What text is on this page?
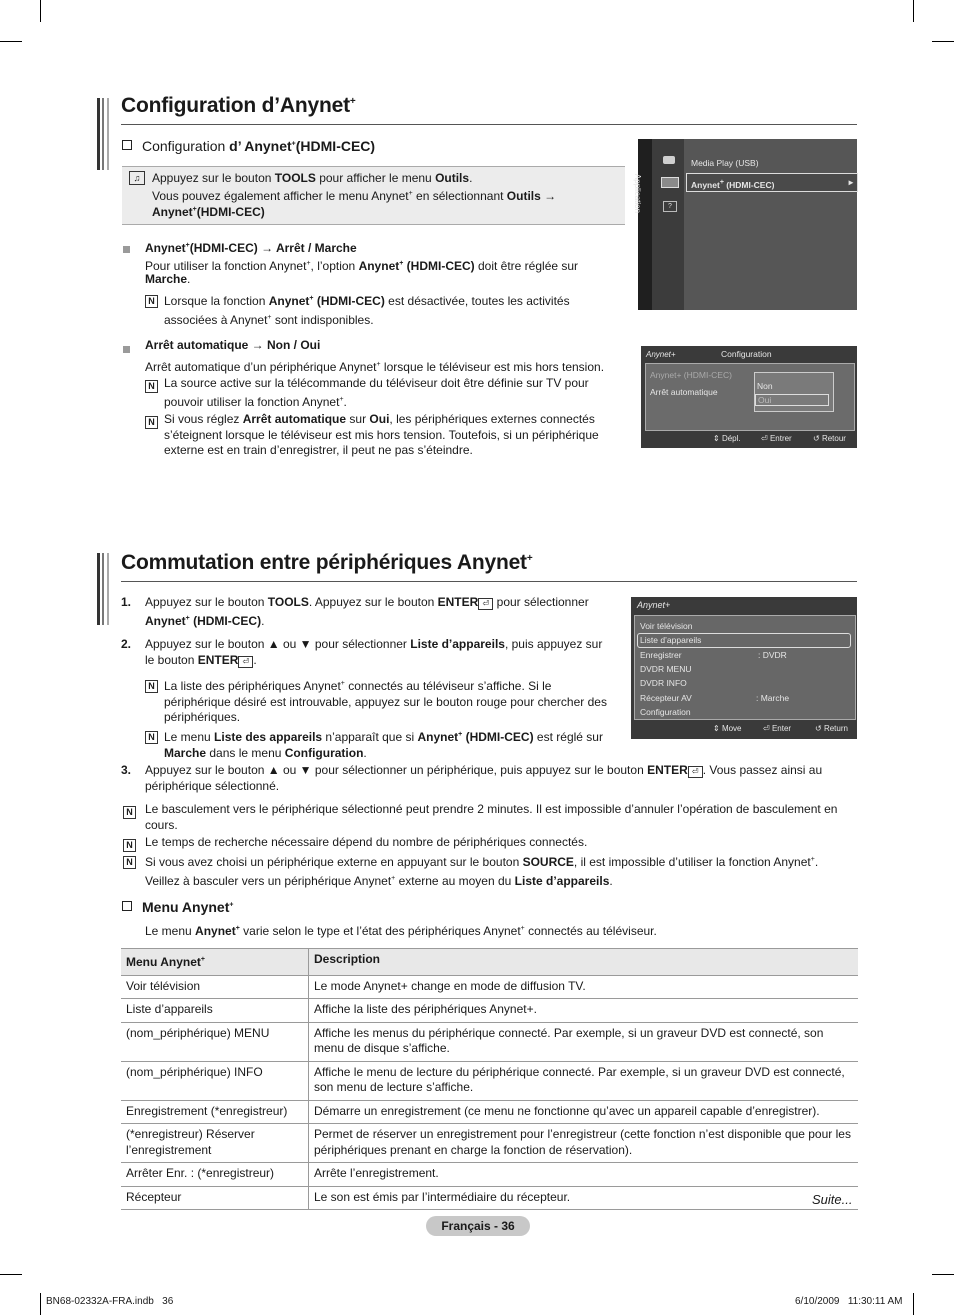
Configuration d’Anynet+
Configuration d’ Anynet+(HDMI-CEC)
♫ Appuyez sur le bouton TOOLS pour afficher le menu Outils.
Vous pouvez également afficher le menu Anynet+ en sélectionnant Outils →
Anynet+(HDMI-CEC)
Anynet+(HDMI-CEC) → Arrêt / Marche
Pour utiliser la fonction Anynet+, l’option Anynet+ (HDMI-CEC) doit être réglée sur
Marche.
N Lorsque la fonction Anynet+ (HDMI-CEC) est désactivée, toutes les activités
associées à Anynet+ sont indisponibles.
Arrêt automatique → Non / Oui
Arrêt automatique d’un périphérique Anynet+ lorsque le téléviseur est mis hors tension.
N La source active sur la télécommande du téléviseur doit être définie sur TV pour
pouvoir utiliser la fonction Anynet+.
N Si vous réglez Arrêt automatique sur Oui, les périphériques externes connectés
s’éteignent lorsque le téléviseur est mis hors tension. Toutefois, si un périphérique
externe est en train d’enregistrer, il peut ne pas s’éteindre.
Application	?
Media Play (USB)
Anynet+ (HDMI-CEC)	▸
Anynet+	Configuration
Anynet+ (HDMI-CEC)
Arrêt automatique
Non
Oui
⇕ Dépl.	⏎ Entrer	↺ Retour
Commutation entre périphériques Anynet+
1. Appuyez sur le bouton TOOLS. Appuyez sur le bouton ENTER ⏎ pour sélectionner
Anynet+ (HDMI-CEC).
2. Appuyez sur le bouton ▲ ou ▼ pour sélectionner Liste d’appareils, puis appuyez sur
le bouton ENTER ⏎ .
N La liste des périphériques Anynet+ connectés au téléviseur s’affiche. Si le
périphérique désiré est introuvable, appuyez sur le bouton rouge pour chercher des
périphériques.
N Le menu Liste des appareils n’apparaît que si Anynet+ (HDMI-CEC) est réglé sur
Marche dans le menu Configuration.
3. Appuyez sur le bouton ▲ ou ▼ pour sélectionner un périphérique, puis appuyez sur le bouton ENTER ⏎ . Vous passez ainsi au
périphérique sélectionné.
N Le basculement vers le périphérique sélectionné peut prendre 2 minutes. Il est impossible d’annuler l’opération de basculement en
cours.
N Le temps de recherche nécessaire dépend du nombre de périphériques connectés.
N Si vous avez choisi un périphérique externe en appuyant sur le bouton SOURCE, il est impossible d’utiliser la fonction Anynet+.
Veillez à basculer vers un périphérique Anynet+ externe au moyen du Liste d’appareils.
Menu Anynet+
Le menu Anynet+ varie selon le type et l’état des périphériques Anynet+ connectés au téléviseur.
Anynet+
Voir télévision
Liste d’appareils
Enregistrer	: DVDR
DVDR MENU
DVDR INFO
Récepteur AV	: Marche
Configuration
⇕ Move	⏎ Enter	↺ Return
Menu Anynet+	Description
Voir télévision	Le mode Anynet+ change en mode de diffusion TV.
Liste d’appareils	Affiche la liste des périphériques Anynet+.
(nom_périphérique) MENU	Affiche les menus du périphérique connecté. Par exemple, si un graveur DVD est connecté, son menu de disque s’affiche.
(nom_périphérique) INFO	Affiche le menu de lecture du périphérique connecté. Par exemple, si un graveur DVD est connecté, son menu de lecture s’affiche.
Enregistrement (*enregistreur)	Démarre un enregistrement (ce menu ne fonctionne qu’avec un appareil capable d’enregistrer).
(*enregistreur) Réserver l’enregistrement	Permet de réserver un enregistrement pour l’enregistreur (cette fonction n’est disponible que pour les périphériques prenant en charge la fonction de réservation).
Arrêter Enr. : (*enregistreur)	Arrête l’enregistrement.
Récepteur	Le son est émis par l’intermédiaire du récepteur.	Suite...
Français - 36
BN68-02332A-FRA.indb   36	6/10/2009   11:30:11 AM
